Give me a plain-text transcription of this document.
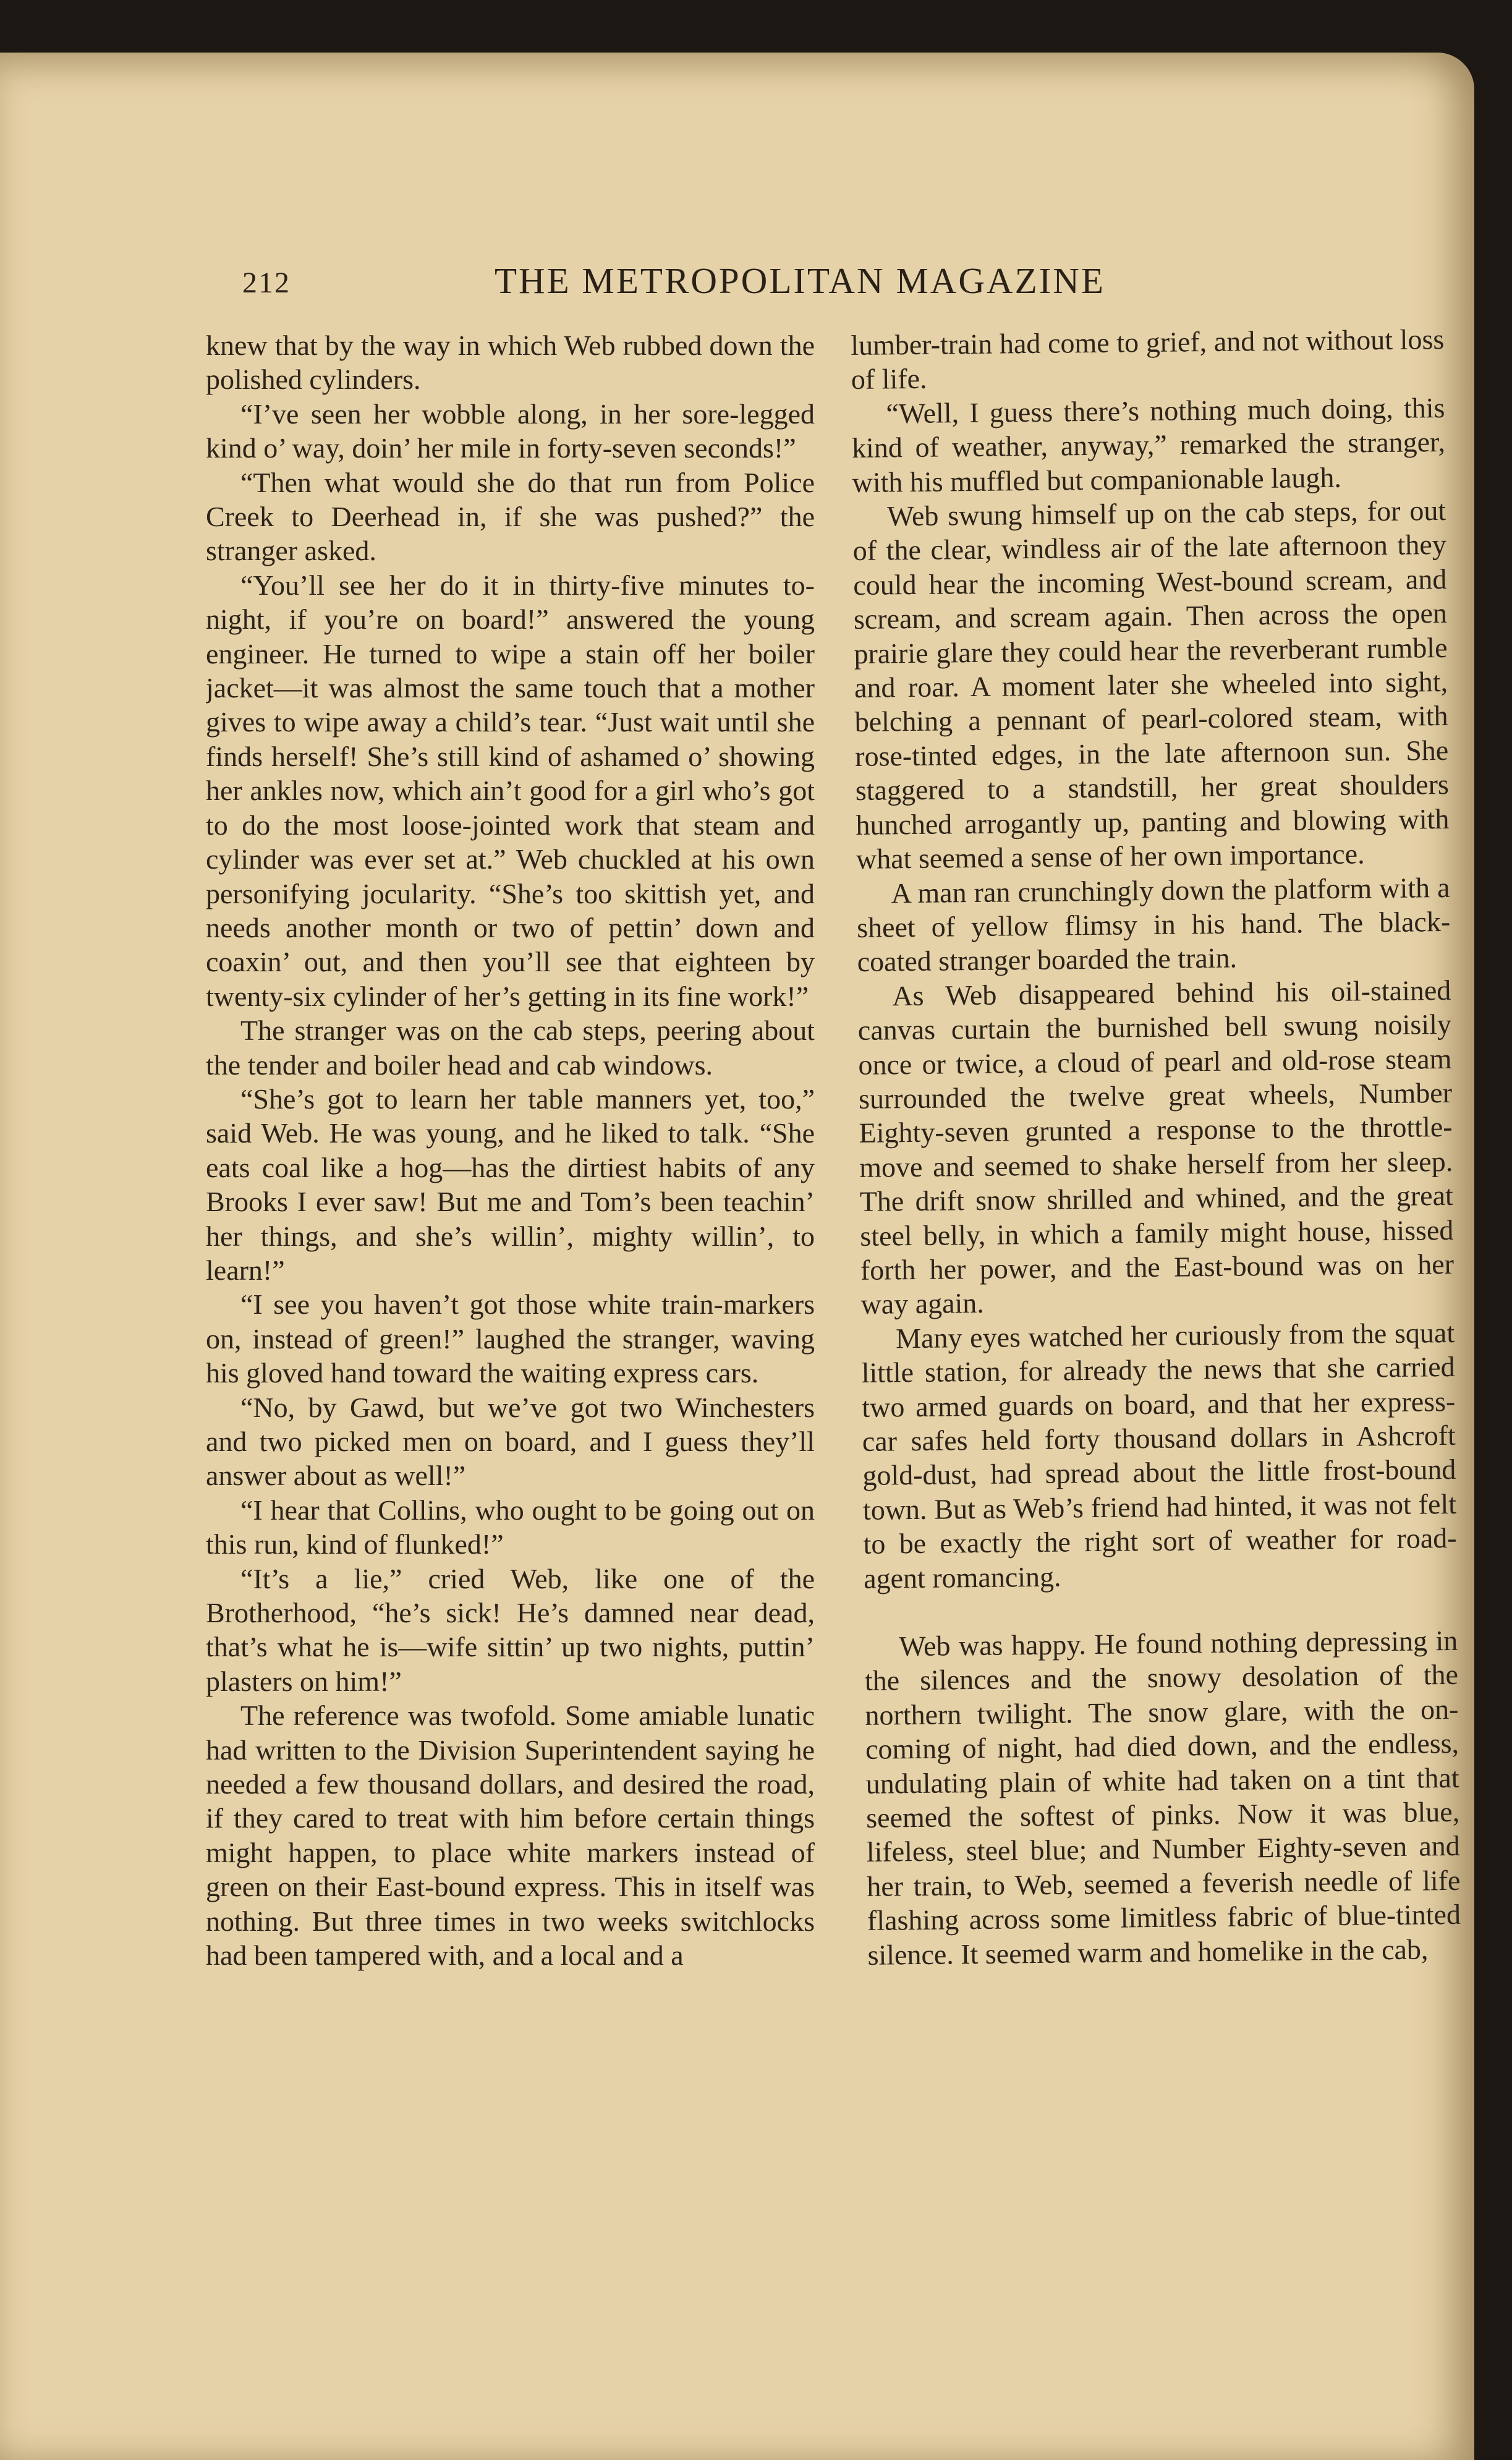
212	THE METROPOLITAN MAGAZINE

knew that by the way in which Web rubbed down the polished cylinders.

“I’ve seen her wobble along, in her sore-legged kind o’ way, doin’ her mile in forty-seven seconds!”

“Then what would she do that run from Police Creek to Deerhead in, if she was pushed?” the stranger asked.

“You’ll see her do it in thirty-five minutes to-night, if you’re on board!” answered the young engineer. He turned to wipe a stain off her boiler jacket—it was almost the same touch that a mother gives to wipe away a child’s tear. “Just wait until she finds herself! She’s still kind of ashamed o’ showing her ankles now, which ain’t good for a girl who’s got to do the most loose-jointed work that steam and cylinder was ever set at.” Web chuckled at his own personifying jocularity. “She’s too skittish yet, and needs another month or two of pettin’ down and coaxin’ out, and then you’ll see that eighteen by twenty-six cylinder of her’s getting in its fine work!”

The stranger was on the cab steps, peering about the tender and boiler head and cab windows.

“She’s got to learn her table manners yet, too,” said Web. He was young, and he liked to talk. “She eats coal like a hog—has the dirtiest habits of any Brooks I ever saw! But me and Tom’s been teachin’ her things, and she’s willin’, mighty willin’, to learn!”

“I see you haven’t got those white train-markers on, instead of green!” laughed the stranger, waving his gloved hand toward the waiting express cars.

“No, by Gawd, but we’ve got two Winchesters and two picked men on board, and I guess they’ll answer about as well!”

“I hear that Collins, who ought to be going out on this run, kind of flunked!”

“It’s a lie,” cried Web, like one of the Brotherhood, “he’s sick! He’s damned near dead, that’s what he is—wife sittin’ up two nights, puttin’ plasters on him!”

The reference was twofold. Some amiable lunatic had written to the Division Superintendent saying he needed a few thousand dollars, and desired the road, if they cared to treat with him before certain things might happen, to place white markers instead of green on their East-bound express. This in itself was nothing. But three times in two weeks switchlocks had been tampered with, and a local and a

lumber-train had come to grief, and not without loss of life.

“Well, I guess there’s nothing much doing, this kind of weather, anyway,” remarked the stranger, with his muffled but companionable laugh.

Web swung himself up on the cab steps, for out of the clear, windless air of the late afternoon they could hear the incoming West-bound scream, and scream, and scream again. Then across the open prairie glare they could hear the reverberant rumble and roar. A moment later she wheeled into sight, belching a pennant of pearl-colored steam, with rose-tinted edges, in the late afternoon sun. She staggered to a standstill, her great shoulders hunched arrogantly up, panting and blowing with what seemed a sense of her own importance.

A man ran crunchingly down the platform with a sheet of yellow flimsy in his hand. The black-coated stranger boarded the train.

As Web disappeared behind his oil-stained canvas curtain the burnished bell swung noisily once or twice, a cloud of pearl and old-rose steam surrounded the twelve great wheels, Number Eighty-seven grunted a response to the throttle-move and seemed to shake herself from her sleep. The drift snow shrilled and whined, and the great steel belly, in which a family might house, hissed forth her power, and the East-bound was on her way again.

Many eyes watched her curiously from the squat little station, for already the news that she carried two armed guards on board, and that her express-car safes held forty thousand dollars in Ashcroft gold-dust, had spread about the little frost-bound town. But as Web’s friend had hinted, it was not felt to be exactly the right sort of weather for road-agent romancing.

Web was happy. He found nothing depressing in the silences and the snowy desolation of the northern twilight. The snow glare, with the on-coming of night, had died down, and the endless, undulating plain of white had taken on a tint that seemed the softest of pinks. Now it was blue, lifeless, steel blue; and Number Eighty-seven and her train, to Web, seemed a feverish needle of life flashing across some limitless fabric of blue-tinted silence. It seemed warm and homelike in the cab,
